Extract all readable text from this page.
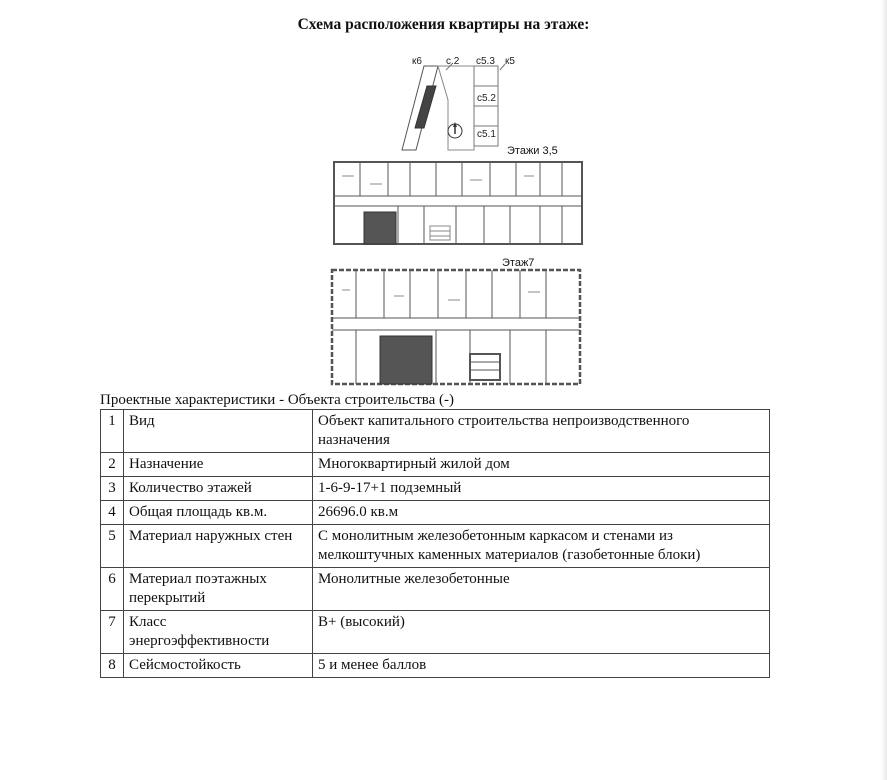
Схема расположения квартиры на этаже:
к6 с.2 с5.3 к5
с5.2
с5.1
Этажи 3,5
Этаж7
Проектные характеристики - Объекта строительства (-)
1	Вид	Объект капитального строительства непроизводственного назначения
2	Назначение	Многоквартирный жилой дом
3	Количество этажей	1-6-9-17+1 подземный
4	Общая площадь кв.м.	26696.0 кв.м
5	Материал наружных стен	С монолитным железобетонным каркасом и стенами из мелкоштучных каменных материалов (газобетонные блоки)
6	Материал поэтажных перекрытий	Монолитные железобетонные
7	Класс энергоэффективности	B+ (высокий)
8	Сейсмостойкость	5 и менее баллов
